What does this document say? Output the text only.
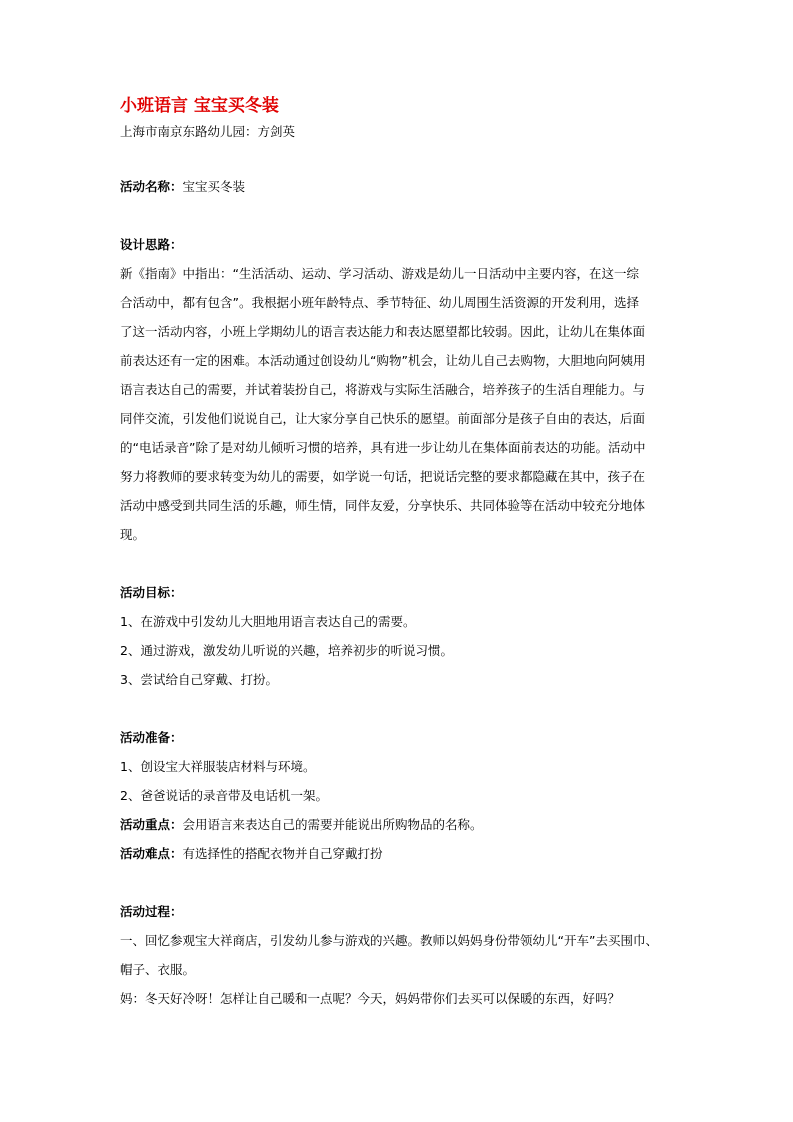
小班语言 宝宝买冬装
上海市南京东路幼儿园：方剑英

活动名称：宝宝买冬装

设计思路：

新《指南》中指出：“生活活动、运动、学习活动、游戏是幼儿一日活动中主要内容，在这一综
合活动中，都有包含”。我根据小班年龄特点、季节特征、幼儿周围生活资源的开发利用，选择
了这一活动内容，小班上学期幼儿的语言表达能力和表达愿望都比较弱。因此，让幼儿在集体面
前表达还有一定的困难。本活动通过创设幼儿“购物”机会，让幼儿自己去购物，大胆地向阿姨用
语言表达自己的需要，并试着装扮自己，将游戏与实际生活融合，培养孩子的生活自理能力。与
同伴交流，引发他们说说自己，让大家分享自己快乐的愿望。前面部分是孩子自由的表达，后面
的“电话录音”除了是对幼儿倾听习惯的培养，具有进一步让幼儿在集体面前表达的功能。活动中
努力将教师的要求转变为幼儿的需要，如学说一句话，把说话完整的要求都隐藏在其中，孩子在
活动中感受到共同生活的乐趣，师生情，同伴友爱，分享快乐、共同体验等在活动中较充分地体
现。

活动目标：

1、在游戏中引发幼儿大胆地用语言表达自己的需要。
2、通过游戏，激发幼儿听说的兴趣，培养初步的听说习惯。
3、尝试给自己穿戴、打扮。

活动准备：

1、创设宝大祥服装店材料与环境。
2、爸爸说话的录音带及电话机一架。

活动重点：会用语言来表达自己的需要并能说出所购物品的名称。

活动难点：有选择性的搭配衣物并自己穿戴打扮

活动过程：

一、回忆参观宝大祥商店，引发幼儿参与游戏的兴趣。教师以妈妈身份带领幼儿“开车”去买围巾、
帽子、衣服。
妈：冬天好冷呀！怎样让自己暖和一点呢？今天，妈妈带你们去买可以保暖的东西，好吗？
